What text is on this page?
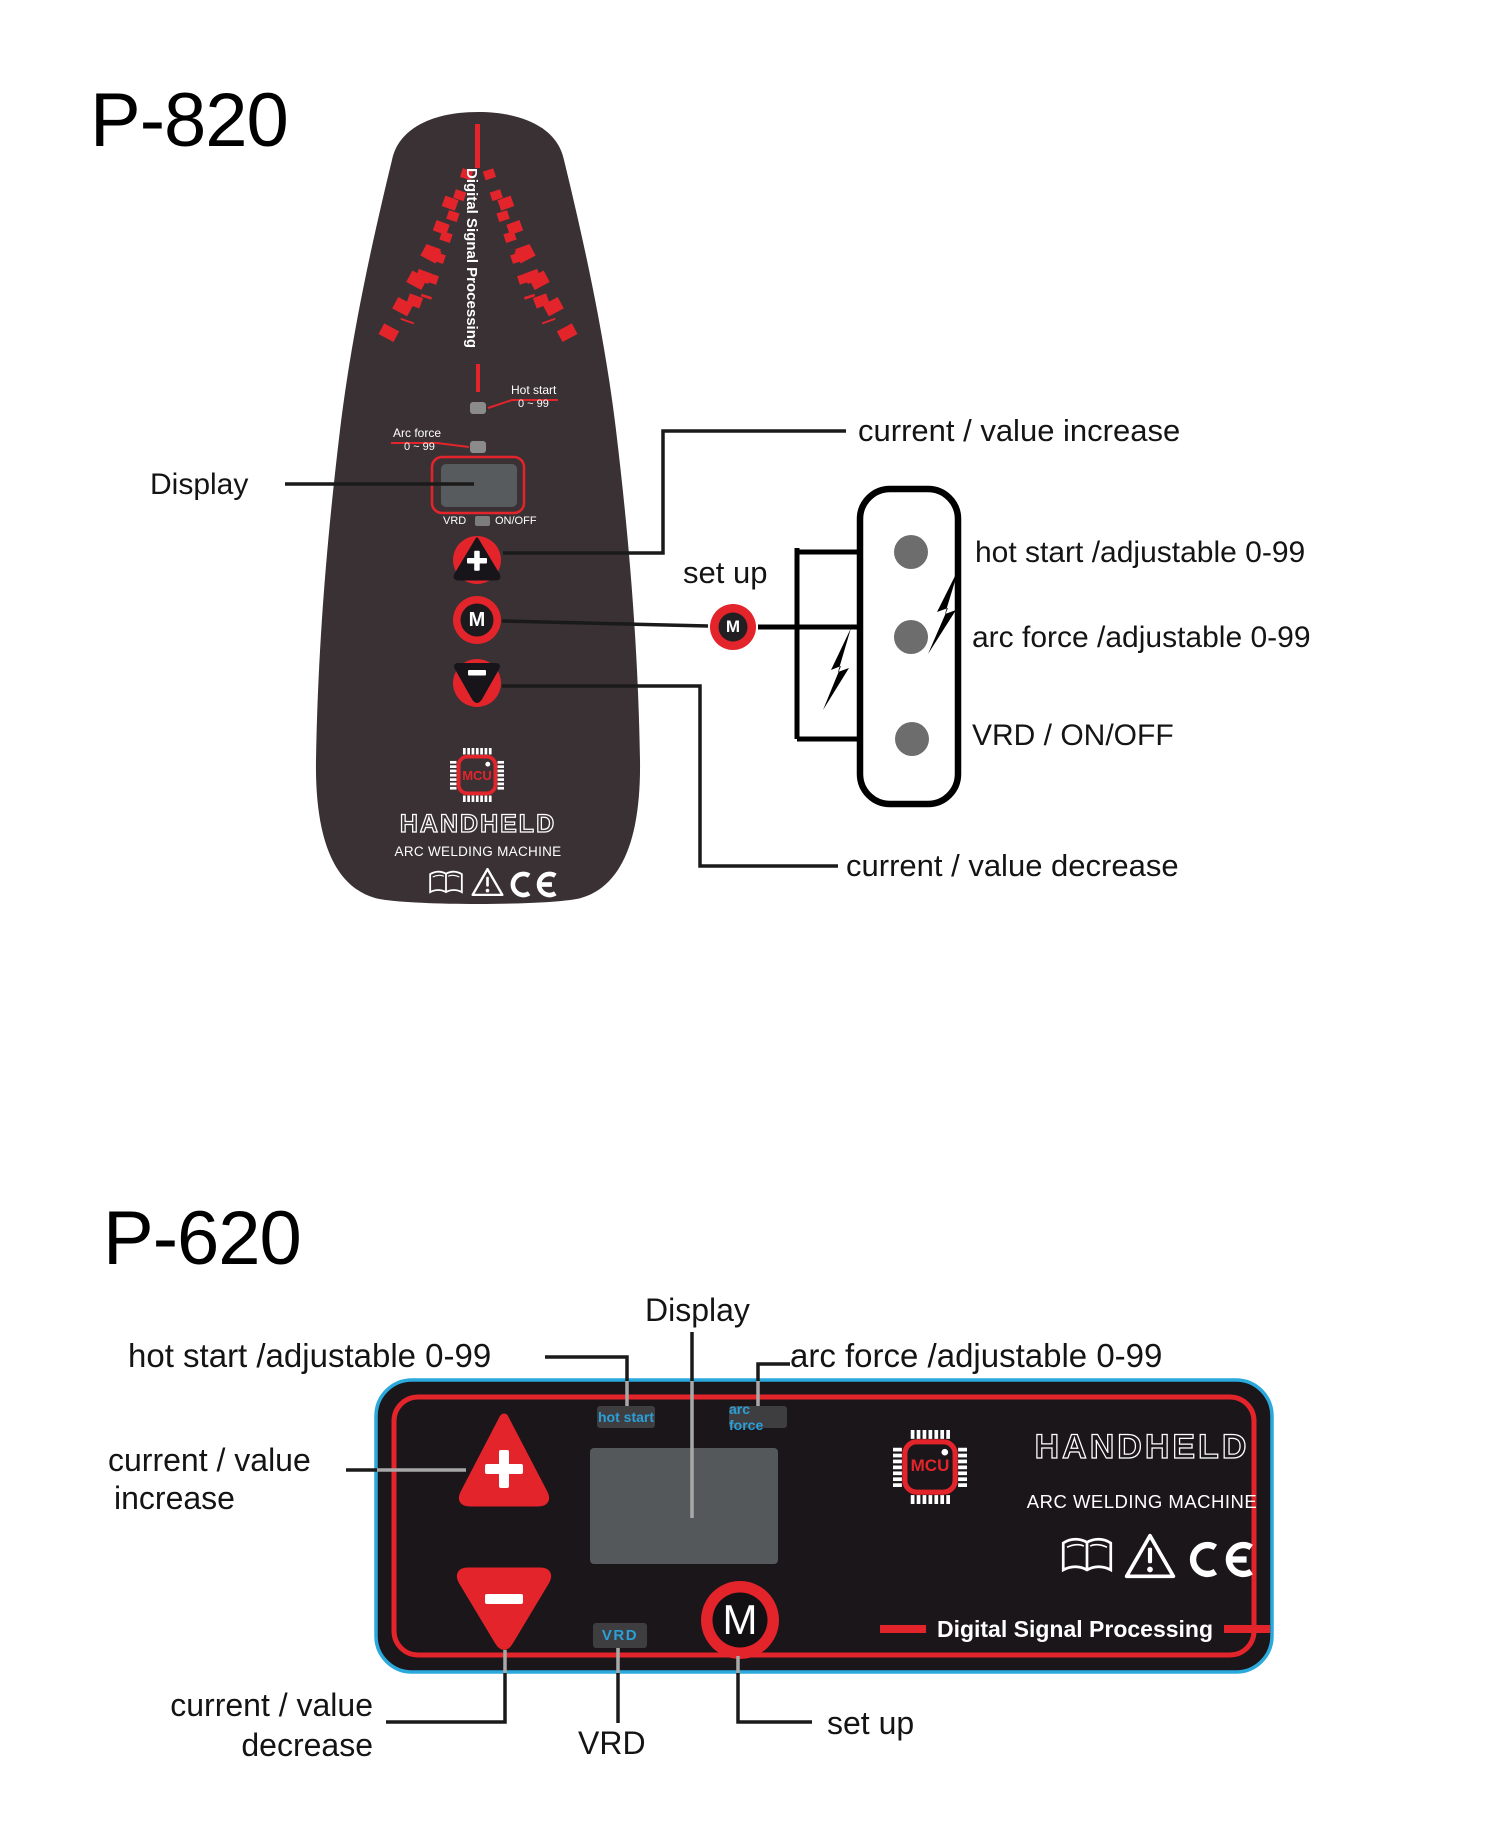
P-820
Digital Signal Processing
Hot start
0 ~ 99
Arc force
0 ~ 99
VRD	ON/OFF
M
MCU
HANDHELD
ARC WELDING MACHINE
Display
current / value increase
set up
M
hot start /adjustable 0-99
arc force /adjustable 0-99
VRD / ON/OFF
current / value decrease
P-620
hot start /adjustable 0-99
Display
arc force /adjustable 0-99
current / value
increase
current / value
decrease	VRD
set up
hot start	arc force
VRD M
MCU	HANDHELD
ARC WELDING MACHINE
Digital Signal Processing
